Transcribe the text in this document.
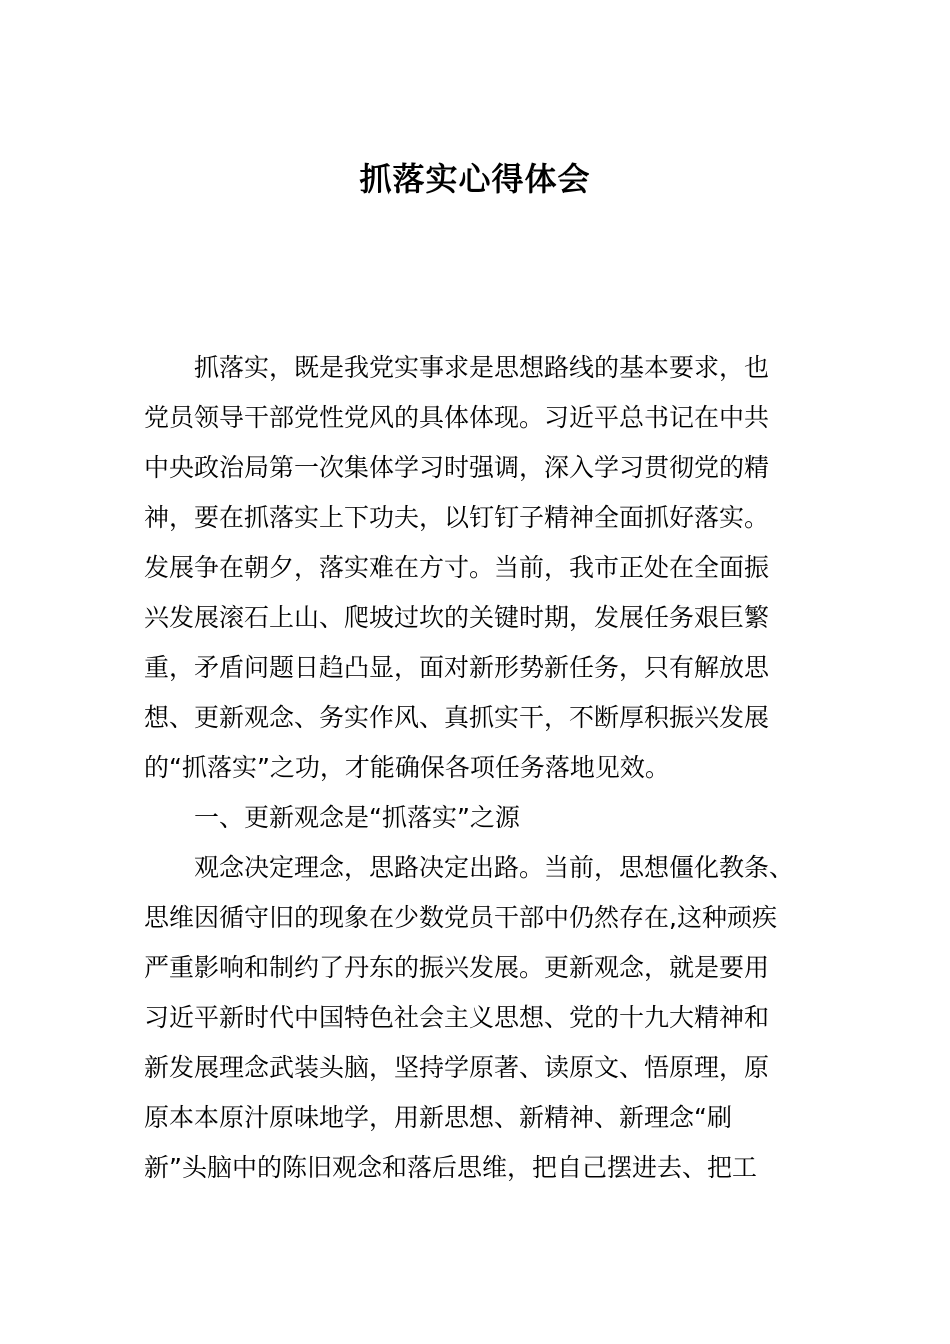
抓落实心得体会
抓落实，既是我党实事求是思想路线的基本要求，也
党员领导干部党性党风的具体体现。习近平总书记在中共
中央政治局第一次集体学习时强调，深入学习贯彻党的精
神，要在抓落实上下功夫，以钉钉子精神全面抓好落实。
发展争在朝夕，落实难在方寸。当前，我市正处在全面振
兴发展滚石上山、爬坡过坎的关键时期，发展任务艰巨繁
重，矛盾问题日趋凸显，面对新形势新任务，只有解放思
想、更新观念、务实作风、真抓实干，不断厚积振兴发展
的“抓落实”之功，才能确保各项任务落地见效。
一、更新观念是“抓落实”之源
观念决定理念，思路决定出路。当前，思想僵化教条、
思维因循守旧的现象在少数党员干部中仍然存在,这种顽疾
严重影响和制约了丹东的振兴发展。更新观念，就是要用
习近平新时代中国特色社会主义思想、党的十九大精神和
新发展理念武装头脑，坚持学原著、读原文、悟原理，原
原本本原汁原味地学，用新思想、新精神、新理念“刷
新”头脑中的陈旧观念和落后思维，把自己摆进去、把工
